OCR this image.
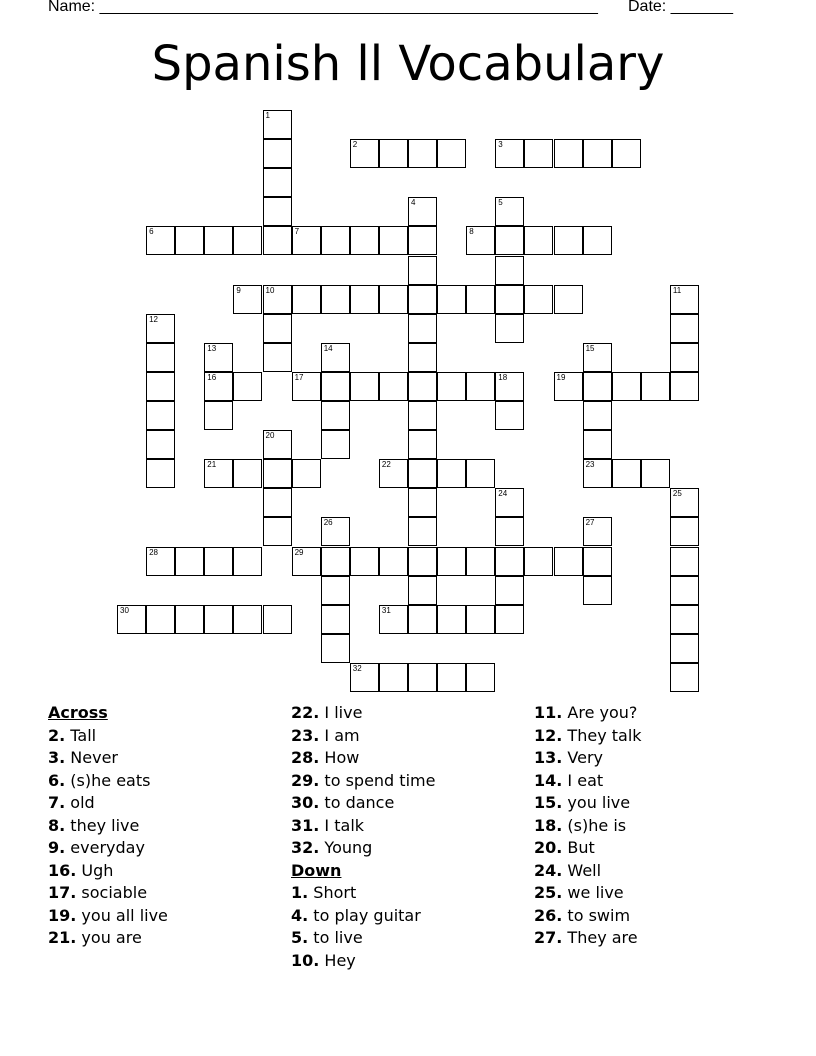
Name: ________________________________________________________ Date: _______
Spanish ll Vocabulary
1
2	3
4	5
6	7	8
9	10	11
12
13	14	15
16	17	18	19
20
21	22	23
24	25
26	27
28	29
30	31
32
Across
2. Tall
3. Never
6. (s)he eats
7. old
8. they live
9. everyday
16. Ugh
17. sociable
19. you all live
21. you are
22. I live
23. I am
28. How
29. to spend time
30. to dance
31. I talk
32. Young
Down
1. Short
4. to play guitar
5. to live
10. Hey
11. Are you?
12. They talk
13. Very
14. I eat
15. you live
18. (s)he is
20. But
24. Well
25. we live
26. to swim
27. They are
